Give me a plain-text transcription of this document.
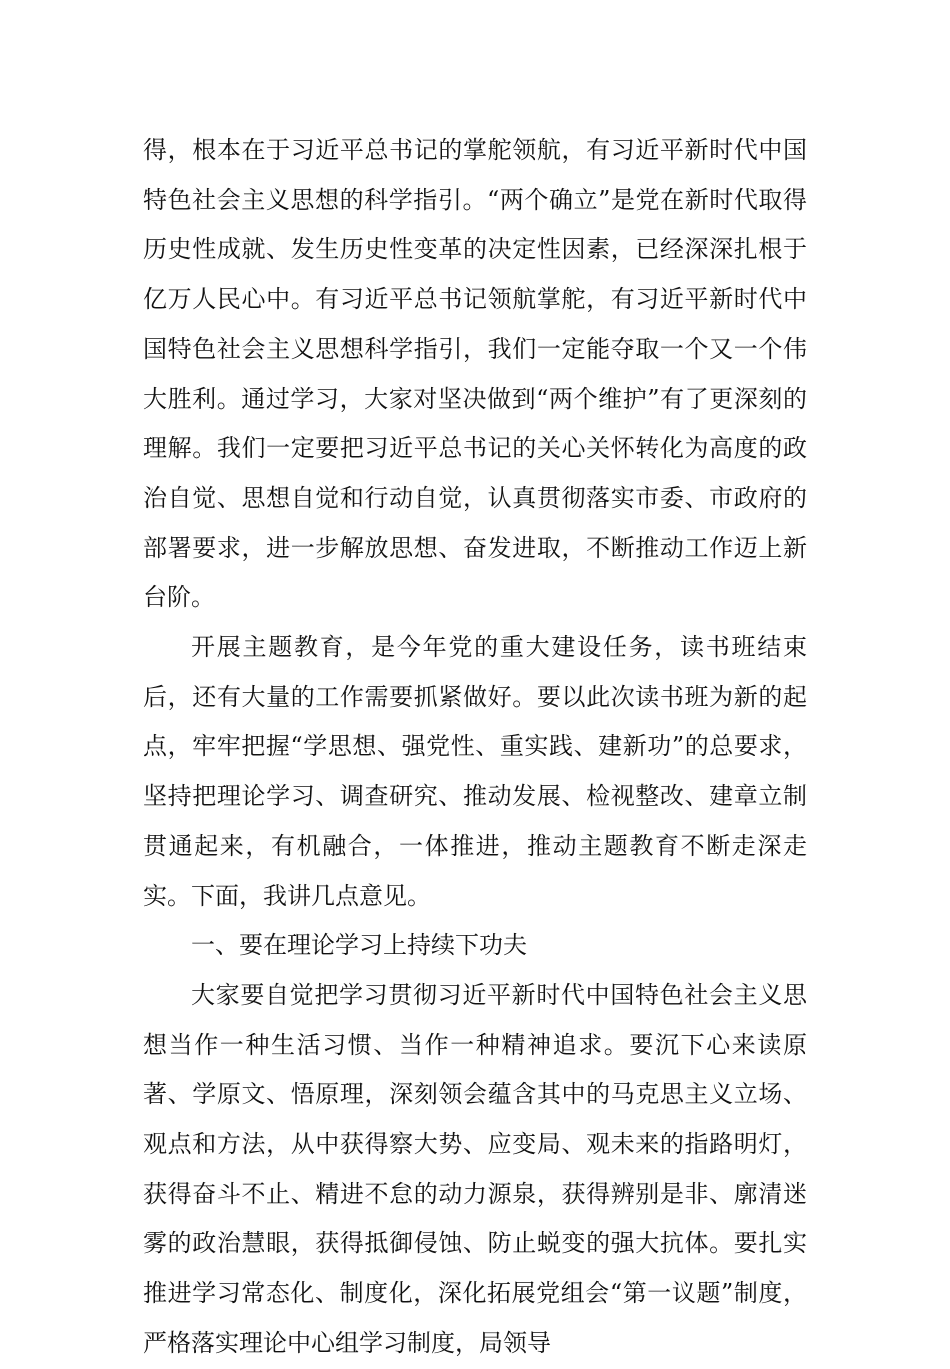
得，根本在于习近平总书记的掌舵领航，有习近平新时代中国特色社会主义思想的科学指引。“两个确立”是党在新时代取得历史性成就、发生历史性变革的决定性因素，已经深深扎根于亿万人民心中。有习近平总书记领航掌舵，有习近平新时代中国特色社会主义思想科学指引，我们一定能夺取一个又一个伟大胜利。通过学习，大家对坚决做到“两个维护”有了更深刻的理解。我们一定要把习近平总书记的关心关怀转化为高度的政治自觉、思想自觉和行动自觉，认真贯彻落实市委、市政府的部署要求，进一步解放思想、奋发进取，不断推动工作迈上新台阶。

开展主题教育，是今年党的重大建设任务，读书班结束后，还有大量的工作需要抓紧做好。要以此次读书班为新的起点，牢牢把握“学思想、强党性、重实践、建新功”的总要求，坚持把理论学习、调查研究、推动发展、检视整改、建章立制贯通起来，有机融合，一体推进，推动主题教育不断走深走实。下面，我讲几点意见。

一、要在理论学习上持续下功夫

大家要自觉把学习贯彻习近平新时代中国特色社会主义思想当作一种生活习惯、当作一种精神追求。要沉下心来读原著、学原文、悟原理，深刻领会蕴含其中的马克思主义立场、观点和方法，从中获得察大势、应变局、观未来的指路明灯，获得奋斗不止、精进不怠的动力源泉，获得辨别是非、廓清迷雾的政治慧眼，获得抵御侵蚀、防止蜕变的强大抗体。要扎实推进学习常态化、制度化，深化拓展党组会“第一议题”制度，严格落实理论中心组学习制度，局领导
